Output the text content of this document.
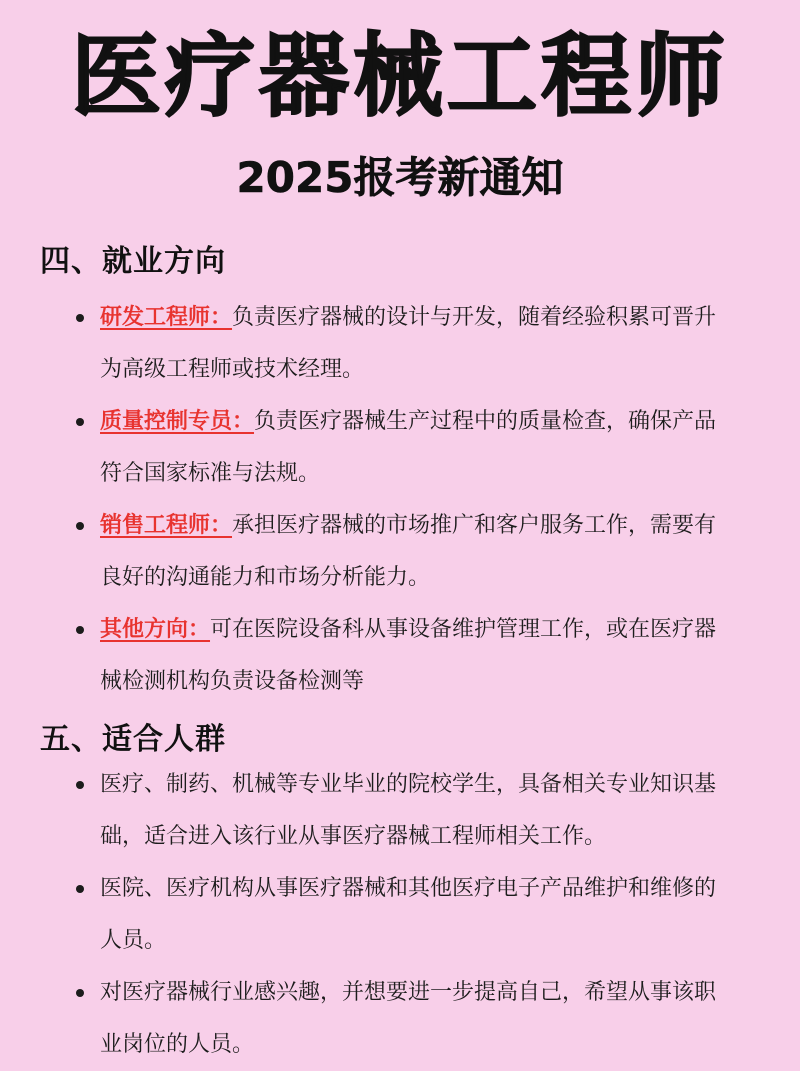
医疗器械工程师
2025报考新通知
四、就业方向
研发工程师：负责医疗器械的设计与开发，随着经验积累可晋升为高级工程师或技术经理。
质量控制专员：负责医疗器械生产过程中的质量检查，确保产品符合国家标准与法规。
销售工程师：承担医疗器械的市场推广和客户服务工作，需要有良好的沟通能力和市场分析能力。
其他方向：可在医院设备科从事设备维护管理工作，或在医疗器械检测机构负责设备检测等
五、适合人群
医疗、制药、机械等专业毕业的院校学生，具备相关专业知识基础，适合进入该行业从事医疗器械工程师相关工作。
医院、医疗机构从事医疗器械和其他医疗电子产品维护和维修的人员。
对医疗器械行业感兴趣，并想要进一步提高自己，希望从事该职业岗位的人员。
